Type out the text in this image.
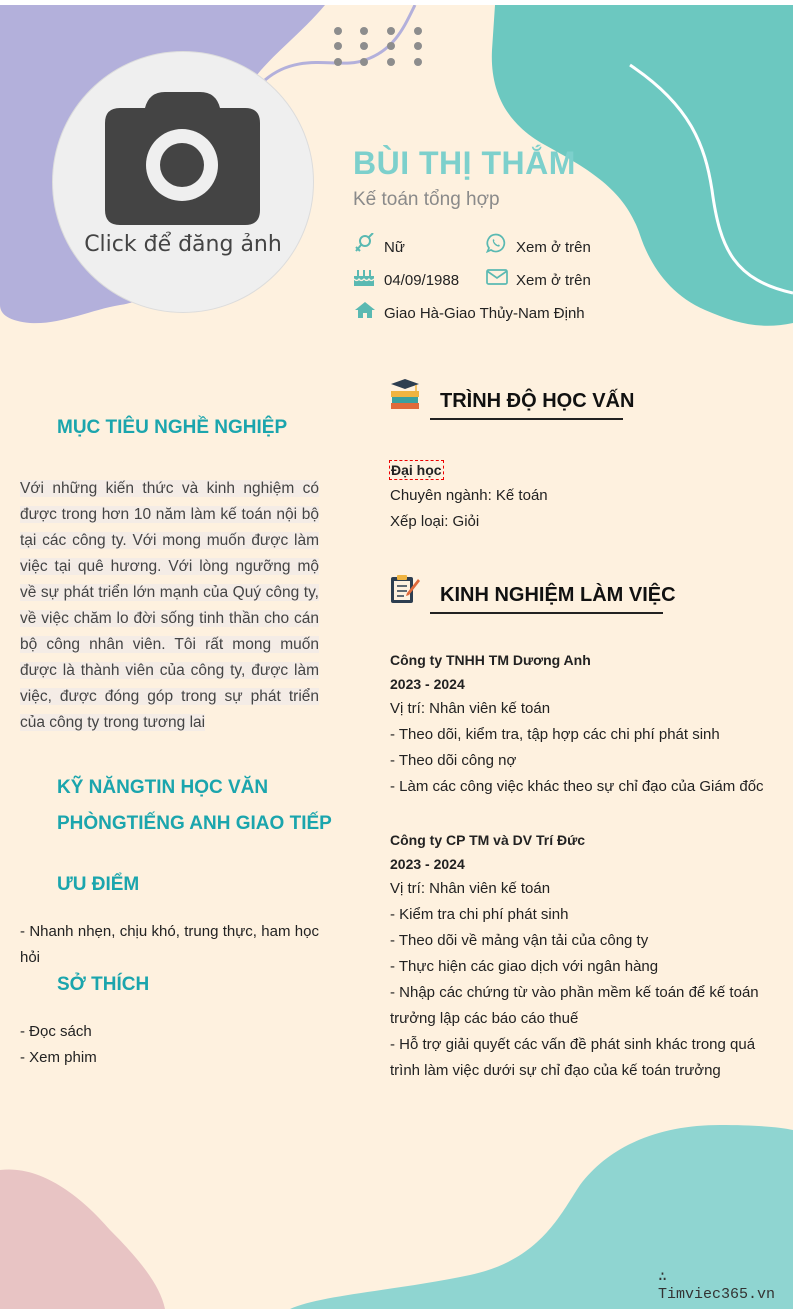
Click để đăng ảnh
BÙI THỊ THẮM
Kế toán tổng hợp
Nữ	Xem ở trên
04/09/1988	Xem ở trên
Giao Hà-Giao Thủy-Nam Định
MỤC TIÊU NGHỀ NGHIỆP
Với những kiến thức và kinh nghiệm có được trong hơn 10 năm làm kế toán nội bộ tại các công ty. Với mong muốn được làm việc tại quê hương. Với lòng ngưỡng mộ về sự phát triển lớn mạnh của Quý công ty, về việc chăm lo đời sống tinh thần cho cán bộ công nhân viên. Tôi rất mong muốn được là thành viên của công ty, được làm việc, được đóng góp trong sự phát triển của công ty trong tương lai
KỸ NĂNGTIN HỌC VĂN
PHÒNGTIẾNG ANH GIAO TIẾP
ƯU ĐIỂM
- Nhanh nhẹn, chịu khó, trung thực, ham học hỏi
SỞ THÍCH
- Đọc sách
- Xem phim
TRÌNH ĐỘ HỌC VẤN
Đại học
Chuyên ngành: Kế toán
Xếp loại: Giỏi
KINH NGHIỆM LÀM VIỆC
Công ty TNHH TM Dương Anh
2023 - 2024
Vị trí: Nhân viên kế toán
- Theo dõi, kiểm tra, tập hợp các chi phí phát sinh
- Theo dõi công nợ
- Làm các công việc khác theo sự chỉ đạo của Giám đốc
Công ty CP TM và DV Trí Đức
2023 - 2024
Vị trí: Nhân viên kế toán
- Kiểm tra chi phí phát sinh
- Theo dõi về mảng vận tải của công ty
- Thực hiện các giao dịch với ngân hàng
- Nhập các chứng từ vào phần mềm kế toán để kế toán trưởng lập các báo cáo thuế
- Hỗ trợ giải quyết các vấn đề phát sinh khác trong quá trình làm việc dưới sự chỉ đạo của kế toán trưởng
∴ Timviec365.vn
